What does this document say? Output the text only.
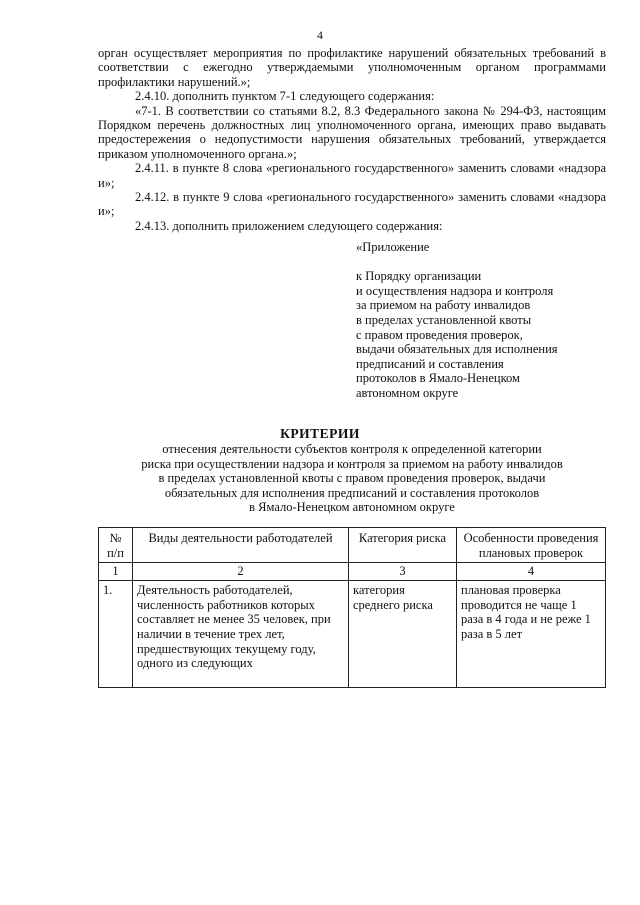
4

орган осуществляет мероприятия по профилактике нарушений обязательных требований в соответствии с ежегодно утверждаемыми уполномоченным органом программами профилактики нарушений.»;

2.4.10. дополнить пунктом 7-1 следующего содержания:

«7-1. В соответствии со статьями 8.2, 8.3 Федерального закона № 294-ФЗ, настоящим Порядком перечень должностных лиц уполномоченного органа, имеющих право выдавать предостережения о недопустимости нарушения обязательных требований, утверждается приказом уполномоченного органа.»;

2.4.11. в пункте 8 слова «регионального государственного» заменить словами «надзора и»;

2.4.12. в пункте 9 слова «регионального государственного» заменить словами «надзора и»;

2.4.13. дополнить приложением следующего содержания:

«Приложение
к Порядку организации
и осуществления надзора и контроля
за приемом на работу инвалидов
в пределах установленной квоты
с правом проведения проверок,
выдачи обязательных для исполнения
предписаний и составления
протоколов в Ямало-Ненецком
автономном округе
КРИТЕРИИ
отнесения деятельности субъектов контроля к определенной категории
риска при осуществлении надзора и контроля за приемом на работу инвалидов
в пределах установленной квоты с правом проведения проверок, выдачи
обязательных для исполнения предписаний и составления протоколов
в Ямало-Ненецком автономном округе
№ п/п	Виды деятельности работодателей	Категория риска	Особенности проведения плановых проверок
1	2	3	4
1.	Деятельность работодателей, численность работников которых составляет не менее 35 человек, при наличии в течение трех лет, предшествующих текущему году, одного из следующих	категория среднего риска	плановая проверка проводится не чаще 1 раза в 4 года и не реже 1 раза в 5 лет
